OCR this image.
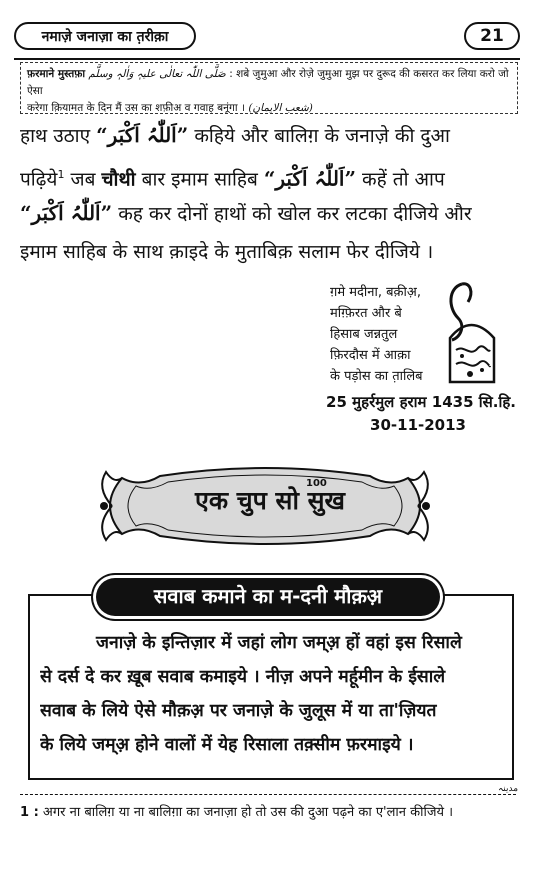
नमाज़े जनाज़ा का त़रीक़ा	21
फ़रमाने मुस्तफ़ा صَلَّی اللّٰہ تعالٰی علیہٖ وَاٰلہٖ وسلَّم : शबे जुमुआ और रोज़े जुमुआ मुझ पर दुरूद की कसरत कर लिया करो जो ऐसा
करेगा क़ियामत के दिन मैं उस का शफ़ीअ व गवाह बनूंगा । (شعب الایمان)
हाथ उठाए “اَللّٰہُ اَکْبَر” कहिये और बालिग़ के जनाज़े की दुआ
पढ़िये$^1$ जब चौथी बार इमाम साहिब “اَللّٰہُ اَکْبَر” कहें तो आप
“اَللّٰہُ اَکْبَر” कह कर दोनों हाथों को खोल कर लटका दीजिये और
इमाम साहिब के साथ क़ाइदे के मुताबिक़ सलाम फेर दीजिये ।
ग़मे मदीना, बक़ीअ़,
मग़्फ़िरत और बे
हिसाब जन्नतुल
फ़िरदौस में आक़ा
के पड़ोस का त़ालिब
25 मुहर्रमुल हराम 1435 सि.हि.
30-11-2013
एक चुप सो सुख
100
सवाब कमाने का म-दनी मौक़अ़
जनाज़े के इन्तिज़ार में जहां लोग जम्अ़ हों वहां इस रिसाले
से दर्स दे कर ख़ूब सवाब कमाइये । नीज़ अपने मर्हूमीन के ईसाले
सवाब के लिये ऐसे मौक़अ़ पर जनाज़े के जुलूस में या ता'ज़ियत
के लिये जम्अ़ होने वालों में येह रिसाला तक़्सीम फ़रमाइये ।
مدینہ
1 : अगर ना बालिग़ या ना बालिग़ा का जनाज़ा हो तो उस की दुआ पढ़ने का ए'लान कीजिये ।
